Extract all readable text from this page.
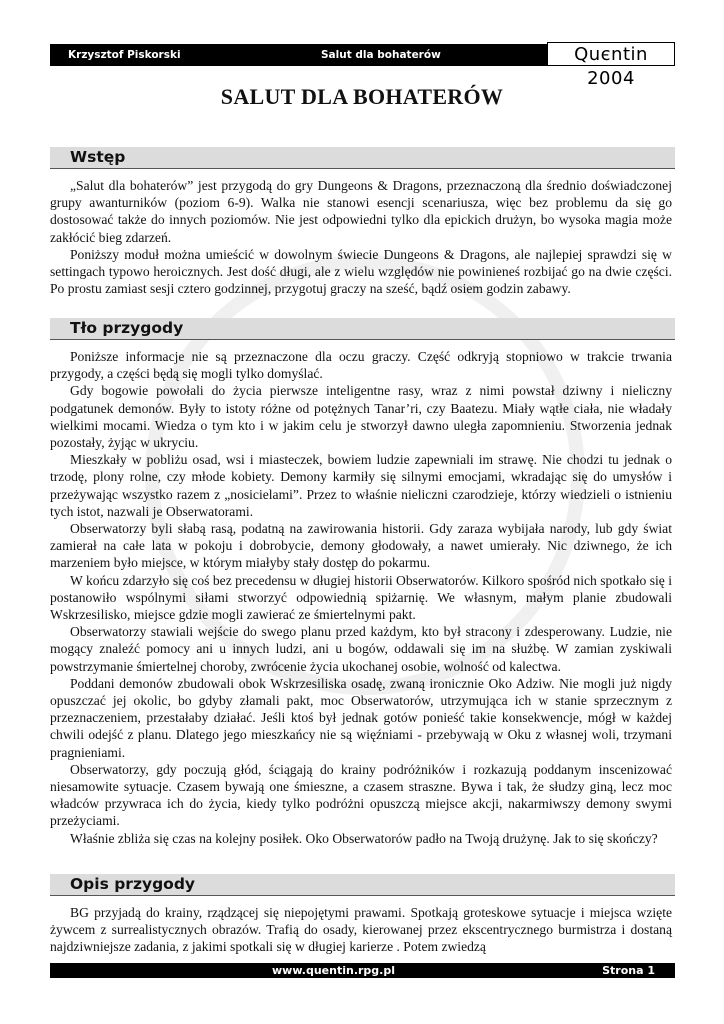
Krzysztof Piskorski	Salut dla bohaterów	Quєntin 2004
SALUT DLA BOHATERÓW
Wstęp

„Salut dla bohaterów” jest przygodą do gry Dungeons & Dragons, przeznaczoną dla średnio doświadczonej grupy awanturników (poziom 6-9). Walka nie stanowi esencji scenariusza, więc bez problemu da się go dostosować także do innych poziomów. Nie jest odpowiedni tylko dla epickich drużyn, bo wysoka magia może zakłócić bieg zdarzeń.

Poniższy moduł można umieścić w dowolnym świecie Dungeons & Dragons, ale najlepiej sprawdzi się w settingach typowo heroicznych. Jest dość długi, ale z wielu względów nie powinieneś rozbijać go na dwie części. Po prostu zamiast sesji cztero godzinnej, przygotuj graczy na sześć, bądź osiem godzin zabawy.

Tło przygody

Poniższe informacje nie są przeznaczone dla oczu graczy. Część odkryją stopniowo w trakcie trwania przygody, a części będą się mogli tylko domyślać.

Gdy bogowie powołali do życia pierwsze inteligentne rasy, wraz z nimi powstał dziwny i nieliczny podgatunek demonów. Były to istoty różne od potężnych Tanar’ri, czy Baatezu. Miały wątłe ciała, nie władały wielkimi mocami. Wiedza o tym kto i w jakim celu je stworzył dawno uległa zapomnieniu. Stworzenia jednak pozostały, żyjąc w ukryciu.

Mieszkały w pobliżu osad, wsi i miasteczek, bowiem ludzie zapewniali im strawę. Nie chodzi tu jednak o trzodę, plony rolne, czy młode kobiety. Demony karmiły się silnymi emocjami, wkradając się do umysłów i przeżywając wszystko razem z „nosicielami”. Przez to właśnie nieliczni czarodzieje, którzy wiedzieli o istnieniu tych istot, nazwali je Obserwatorami.

Obserwatorzy byli słabą rasą, podatną na zawirowania historii. Gdy zaraza wybijała narody, lub gdy świat zamierał na całe lata w pokoju i dobrobycie, demony głodowały, a nawet umierały. Nic dziwnego, że ich marzeniem było miejsce, w którym miałyby stały dostęp do pokarmu.

W końcu zdarzyło się coś bez precedensu w długiej historii Obserwatorów. Kilkoro spośród nich spotkało się i postanowiło wspólnymi siłami stworzyć odpowiednią spiżarnię. We własnym, małym planie zbudowali Wskrzesilisko, miejsce gdzie mogli zawierać ze śmiertelnymi pakt.

Obserwatorzy stawiali wejście do swego planu przed każdym, kto był stracony i zdesperowany. Ludzie, nie mogący znaleźć pomocy ani u innych ludzi, ani u bogów, oddawali się im na służbę. W zamian zyskiwali powstrzymanie śmiertelnej choroby, zwrócenie życia ukochanej osobie, wolność od kalectwa.

Poddani demonów zbudowali obok Wskrzesiliska osadę, zwaną ironicznie Oko Adziw. Nie mogli już nigdy opuszczać jej okolic, bo gdyby złamali pakt, moc Obserwatorów, utrzymująca ich w stanie sprzecznym z przeznaczeniem, przestałaby działać. Jeśli ktoś był jednak gotów ponieść takie konsekwencje, mógł w każdej chwili odejść z planu. Dlatego jego mieszkańcy nie są więźniami - przebywają w Oku z własnej woli, trzymani pragnieniami.

Obserwatorzy, gdy poczują głód, ściągają do krainy podróżników i rozkazują poddanym inscenizować niesamowite sytuacje. Czasem bywają one śmieszne, a czasem straszne. Bywa i tak, że słudzy giną, lecz moc władców przywraca ich do życia, kiedy tylko podróżni opuszczą miejsce akcji, nakarmiwszy demony swymi przeżyciami.

Właśnie zbliża się czas na kolejny posiłek. Oko Obserwatorów padło na Twoją drużynę. Jak to się skończy?

Opis przygody

BG przyjadą do krainy, rządzącej się niepojętymi prawami. Spotkają groteskowe sytuacje i miejsca wzięte żywcem z surrealistycznych obrazów. Trafią do osady, kierowanej przez ekscentrycznego burmistrza i dostaną najdziwniejsze zadania, z jakimi spotkali się w długiej karierze . Potem zwiedzą

www.quentin.rpg.pl	Strona 1
